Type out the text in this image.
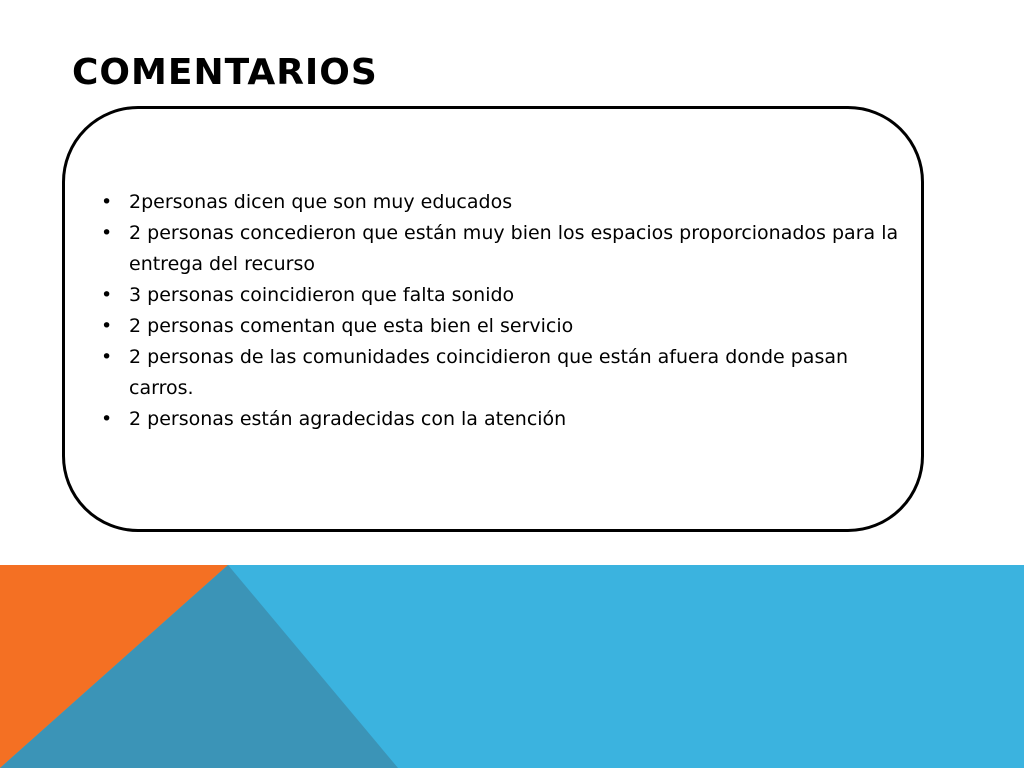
COMENTARIOS
• 2personas dicen que son muy educados
• 2 personas concedieron que están muy bien los espacios proporcionados para la entrega del recurso
• 3 personas coincidieron que falta sonido
• 2 personas comentan que esta bien el servicio
• 2 personas de las comunidades coincidieron que están afuera donde pasan carros.
• 2 personas están agradecidas con la atención
